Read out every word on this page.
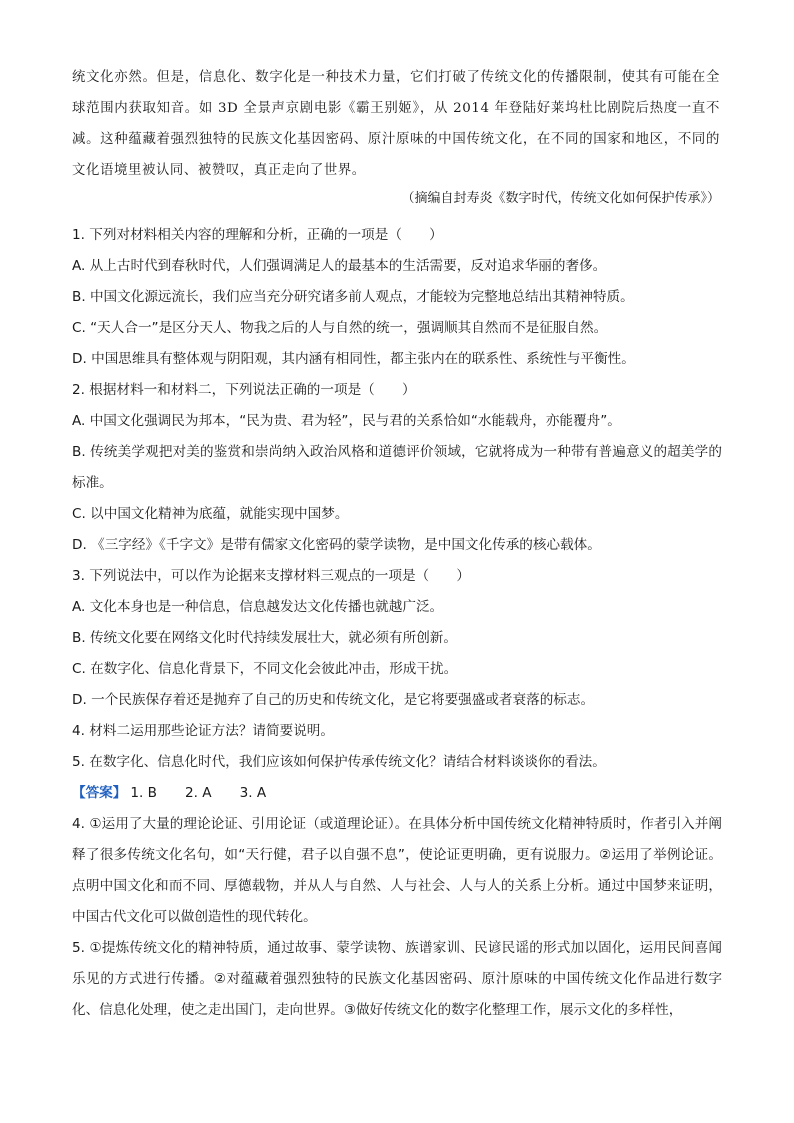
统文化亦然。但是，信息化、数字化是一种技术力量，它们打破了传统文化的传播限制，使其有可能在全球范围内获取知音。如 3D 全景声京剧电影《霸王别姬》，从 2014 年登陆好莱坞杜比剧院后热度一直不减。这种蕴藏着强烈独特的民族文化基因密码、原汁原味的中国传统文化，在不同的国家和地区，不同的文化语境里被认同、被赞叹，真正走向了世界。
（摘编自封寿炎《数字时代，传统文化如何保护传承》）
1. 下列对材料相关内容的理解和分析，正确的一项是（　　）
A. 从上古时代到春秋时代，人们强调满足人的最基本的生活需要，反对追求华丽的奢侈。
B. 中国文化源远流长，我们应当充分研究诸多前人观点，才能较为完整地总结出其精神特质。
C. “天人合一”是区分天人、物我之后的人与自然的统一，强调顺其自然而不是征服自然。
D. 中国思维具有整体观与阴阳观，其内涵有相同性，都主张内在的联系性、系统性与平衡性。
2. 根据材料一和材料二，下列说法正确的一项是（　　）
A. 中国文化强调民为邦本，“民为贵、君为轻”，民与君的关系恰如“水能载舟，亦能覆舟”。
B. 传统美学观把对美的鉴赏和崇尚纳入政治风格和道德评价领域，它就将成为一种带有普遍意义的超美学的标准。
C. 以中国文化精神为底蕴，就能实现中国梦。
D. 《三字经》《千字文》是带有儒家文化密码的蒙学读物，是中国文化传承的核心载体。
3. 下列说法中，可以作为论据来支撑材料三观点的一项是（　　）
A. 文化本身也是一种信息，信息越发达文化传播也就越广泛。
B. 传统文化要在网络文化时代持续发展壮大，就必须有所创新。
C. 在数字化、信息化背景下，不同文化会彼此冲击，形成干扰。
D. 一个民族保存着还是抛弃了自己的历史和传统文化，是它将要强盛或者衰落的标志。
4. 材料二运用那些论证方法？请简要说明。
5. 在数字化、信息化时代，我们应该如何保护传承传统文化？请结合材料谈谈你的看法。
【答案】 1. B 2. A 3. A
4. ①运用了大量的理论论证、引用论证（或道理论证）。在具体分析中国传统文化精神特质时，作者引入并阐释了很多传统文化名句，如“天行健，君子以自强不息”，使论证更明确，更有说服力。②运用了举例论证。点明中国文化和而不同、厚德载物，并从人与自然、人与社会、人与人的关系上分析。通过中国梦来证明，中国古代文化可以做创造性的现代转化。
5. ①提炼传统文化的精神特质，通过故事、蒙学读物、族谱家训、民谚民谣的形式加以固化，运用民间喜闻乐见的方式进行传播。②对蕴藏着强烈独特的民族文化基因密码、原汁原味的中国传统文化作品进行数字化、信息化处理，使之走出国门，走向世界。③做好传统文化的数字化整理工作，展示文化的多样性，
